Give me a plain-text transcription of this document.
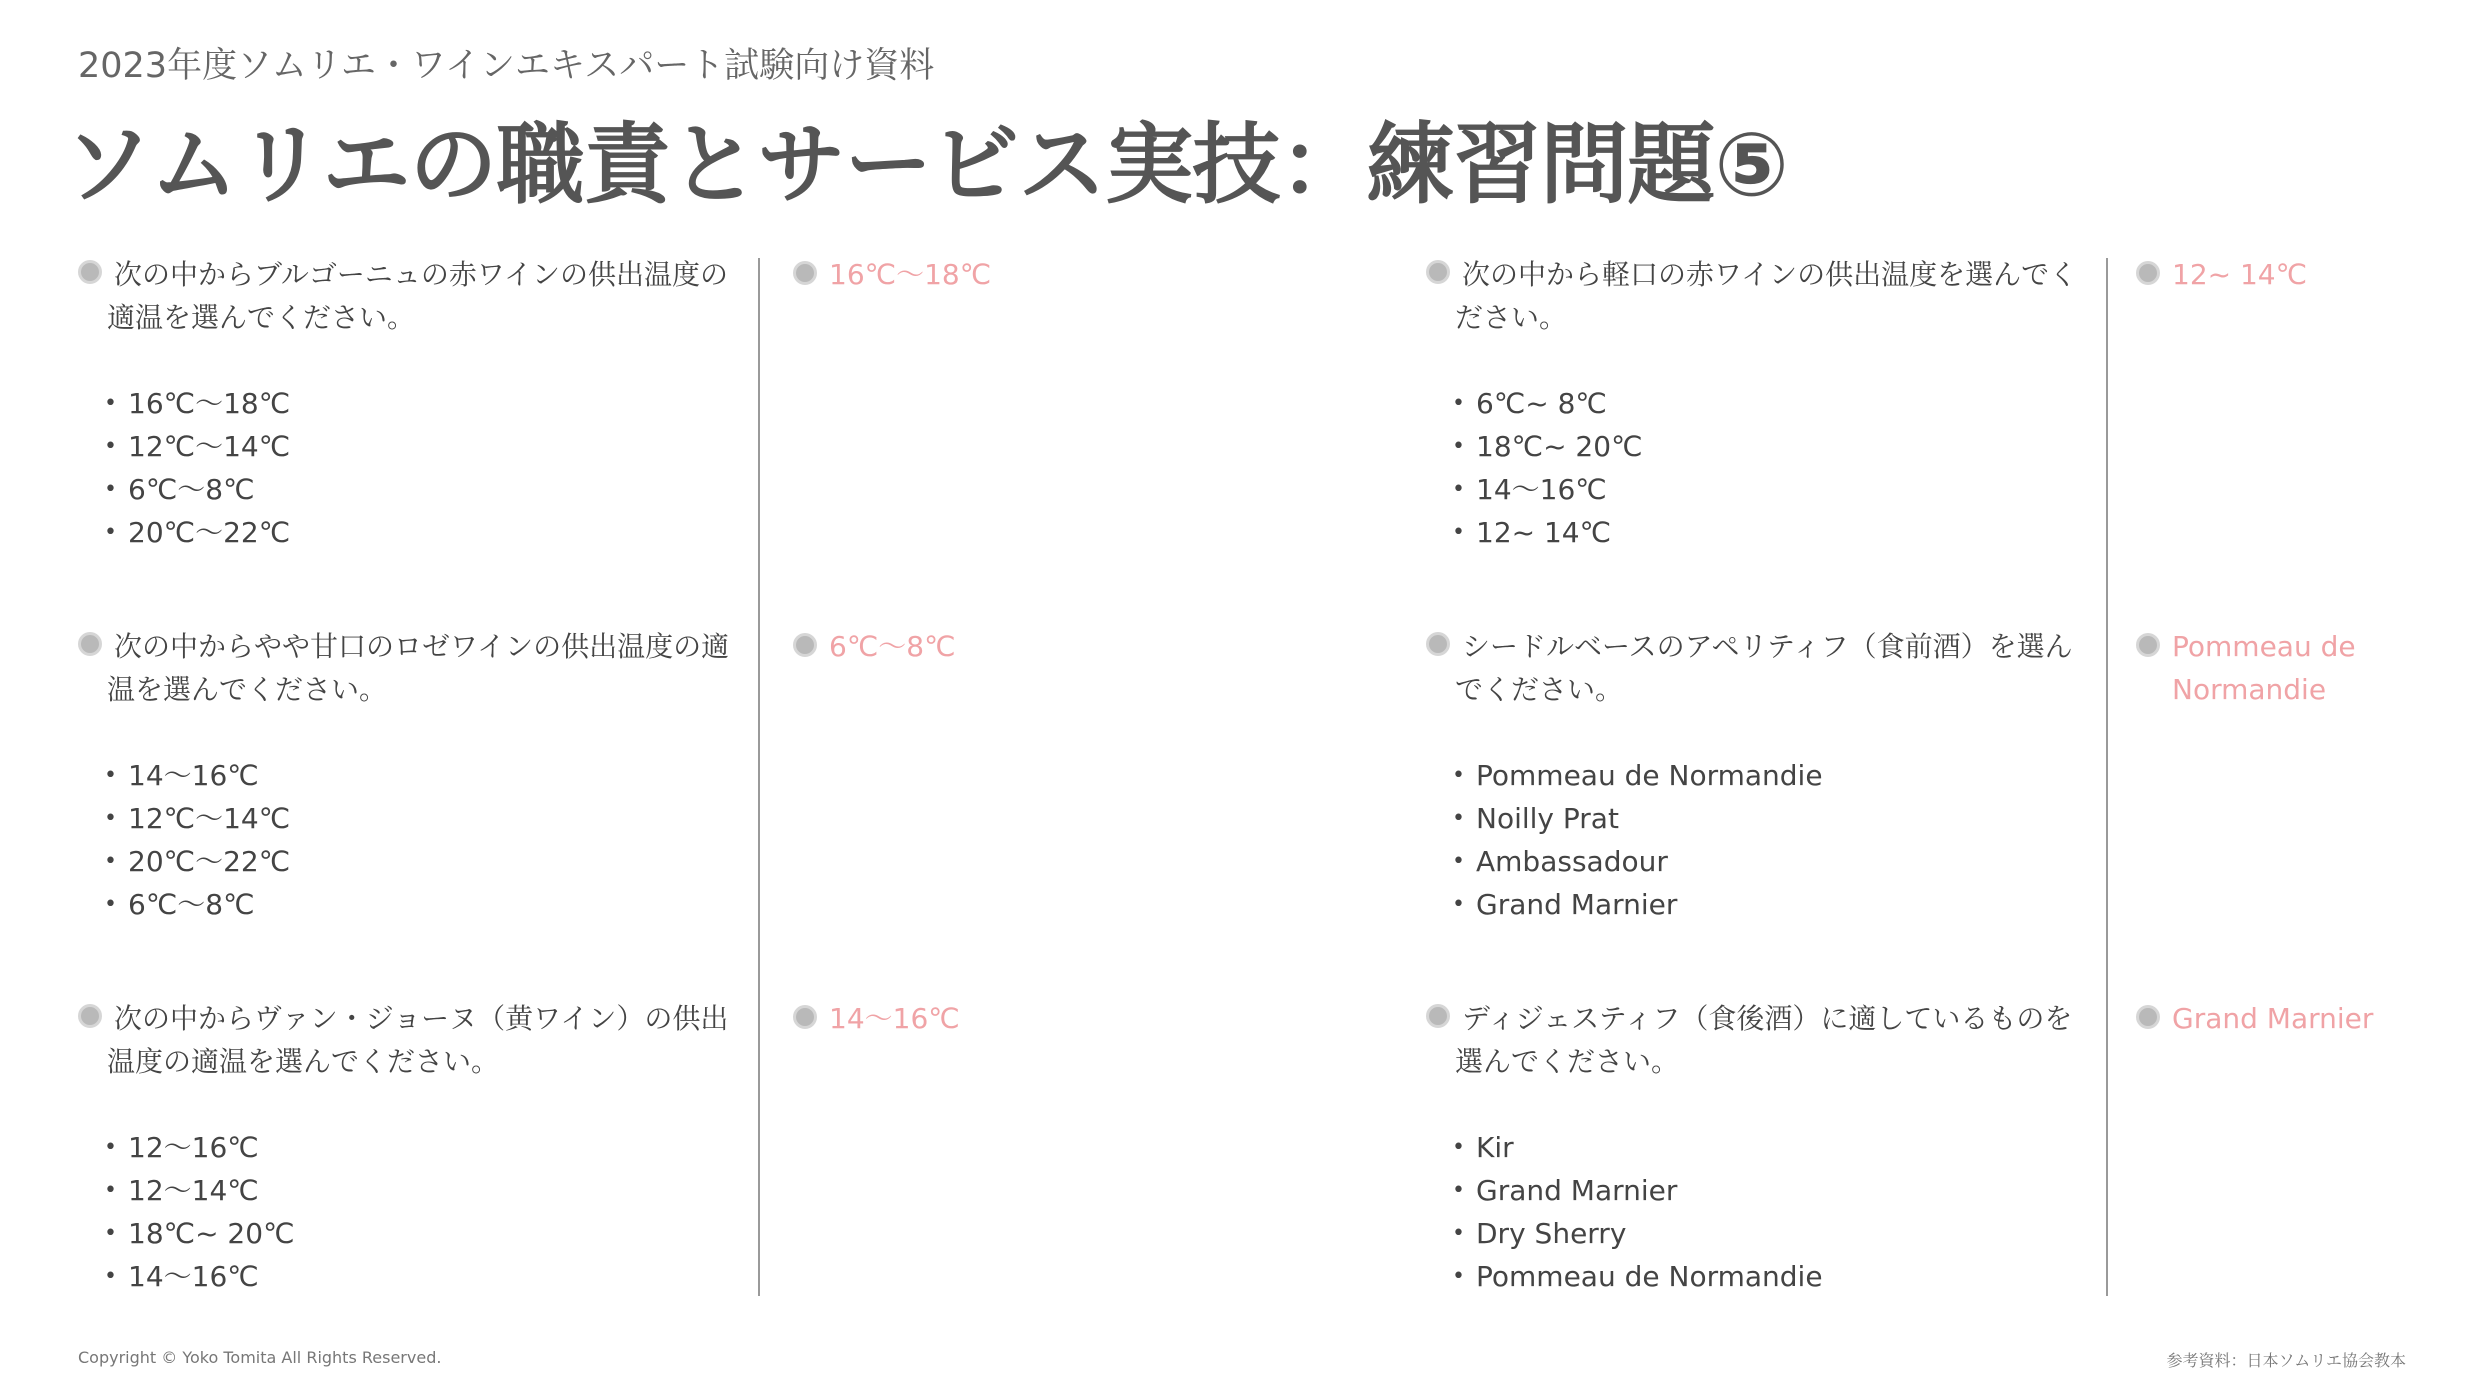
2023年度ソムリエ・ワインエキスパート試験向け資料
ソムリエの職責とサービス実技：練習問題⑤
次の中からブルゴーニュの赤ワインの供出温度の適温を選んでください。
• 16℃〜18℃
• 12℃〜14℃
• 6℃〜8℃
• 20℃〜22℃
16℃〜18℃
次の中からやや甘口のロゼワインの供出温度の適温を選んでください。
• 14〜16℃
• 12℃〜14℃
• 20℃〜22℃
• 6℃〜8℃
6℃〜8℃
次の中からヴァン・ジョーヌ（黄ワイン）の供出温度の適温を選んでください。
• 12〜16℃
• 12〜14℃
• 18℃~ 20℃
• 14〜16℃
14〜16℃
次の中から軽口の赤ワインの供出温度を選んでください。
• 6℃~ 8℃
• 18℃~ 20℃
• 14〜16℃
• 12~ 14℃
12~ 14℃
シードルベースのアペリティフ（食前酒）を選んでください。
• Pommeau de Normandie
• Noilly Prat
• Ambassadour
• Grand Marnier
Pommeau de Normandie
ディジェスティフ（食後酒）に適しているものを選んでください。
• Kir
• Grand Marnier
• Dry Sherry
• Pommeau de Normandie
Grand Marnier
Copyright © Yoko Tomita All Rights Reserved.	参考資料：日本ソムリエ協会教本
